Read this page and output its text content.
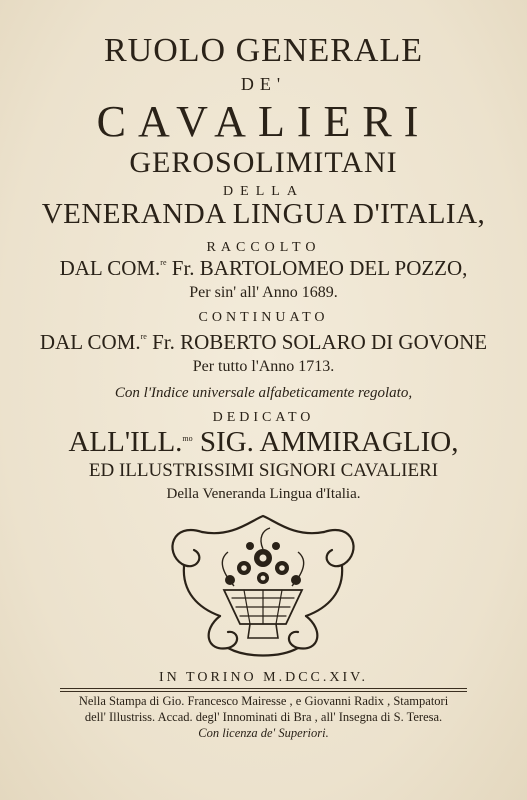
RUOLO GENERALE
DE'
CAVALIERI
GEROSOLIMITANI
DELLA
VENERANDA LINGUA D'ITALIA,
RACCOLTO
DAL COM.$^{re}$ Fr. BARTOLOMEO DEL POZZO,
Per sin' all' Anno 1689.
CONTINUATO
DAL COM.$^{re}$ Fr. ROBERTO SOLARO DI GOVONE
Per tutto l'Anno 1713.
Con l'Indice universale alfabeticamente regolato,
DEDICATO
ALL'ILL.$^{mo}$ SIG. AMMIRAGLIO,
ED ILLUSTRISSIMI SIGNORI CAVALIERI
Della Veneranda Lingua d'Italia.
IN TORINO M.DCC.XIV.
Nella Stampa di Gio. Francesco Mairesse , e Giovanni Radix , Stampatori
dell' Illustriss. Accad. degl' Innominati di Bra , all' Insegna di S. Teresa.
Con licenza de' Superiori.
